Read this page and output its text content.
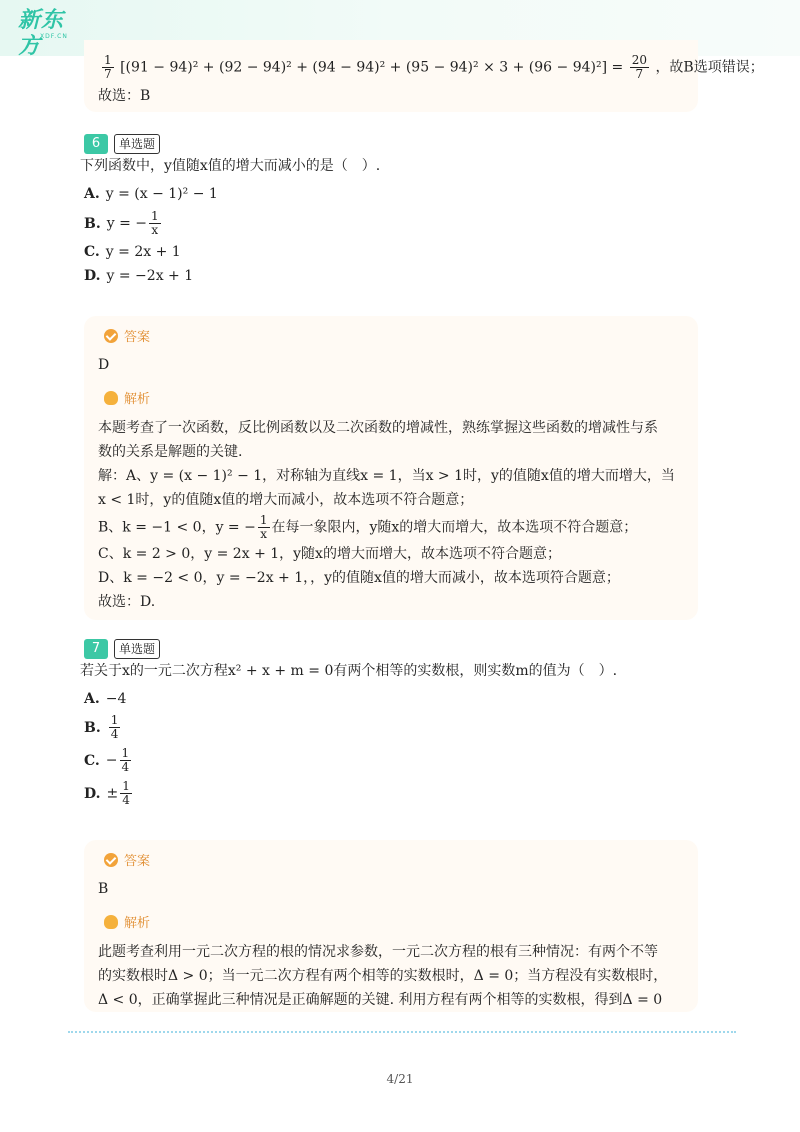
新东方
XDF.CN
$\frac{1}{7} [(91 - 94)^2 + (92 - 94)^2 + (94 - 94)^2 + (95 - 94)^2 \times 3 + (96 - 94)^2] = \frac{20}{7}$ ，故B选项错误；
故选：B
6	单选题
下列函数中，y值随x值的增大而减小的是（　）.
A. y = (x − 1)² − 1
B. y = − $\frac{1}{x}$
C. y = 2x + 1
D. y = −2x + 1
答案
D
解析
本题考查了一次函数，反比例函数以及二次函数的增减性，熟练掌握这些函数的增减性与系
数的关系是解题的关键.
解：A、y = (x − 1)² − 1，对称轴为直线x = 1，当x > 1时，y的值随x值的增大而增大，当
x < 1时，y的值随x值的增大而减小，故本选项不符合题意；
B、k = −1 < 0，y = − $\frac{1}{x}$ 在每一象限内，y随x的增大而增大，故本选项不符合题意；
C、k = 2 > 0，y = 2x + 1，y随x的增大而增大，故本选项不符合题意；
D、k = −2 < 0，y = −2x + 1，，y的值随x值的增大而减小，故本选项符合题意；
故选：D.
7	单选题
若关于x的一元二次方程x² + x + m = 0有两个相等的实数根，则实数m的值为（　）.
A. −4
B. $\frac{1}{4}$
C. − $\frac{1}{4}$
D. ± $\frac{1}{4}$
答案
B
解析
此题考查利用一元二次方程的根的情况求参数，一元二次方程的根有三种情况：有两个不等
的实数根时Δ > 0；当一元二次方程有两个相等的实数根时，Δ = 0；当方程没有实数根时，
Δ < 0，正确掌握此三种情况是正确解题的关键. 利用方程有两个相等的实数根，得到Δ = 0
4/21
